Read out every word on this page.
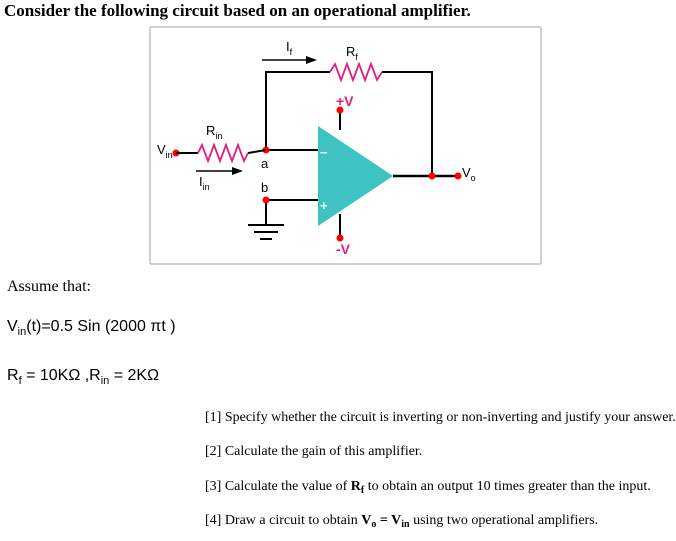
Consider the following circuit based on an operational amplifier.
$I_f$	$R_f$
+V
-V
−
+
a
b
$V_{in}$
$R_{in}$
$I_{in}$
$V_o$
Assume that:
$V_{in}(t)=0.5$ Sin (2000 πt )
$R_f = 10K\Omega$ $,R_{in} = 2K\Omega$
[1] Specify whether the circuit is inverting or non-inverting and justify your answer.
[2] Calculate the gain of this amplifier.
[3] Calculate the value of $R_f$ to obtain an output 10 times greater than the input.
[4] Draw a circuit to obtain $V_o = V_{in}$ using two operational amplifiers.
